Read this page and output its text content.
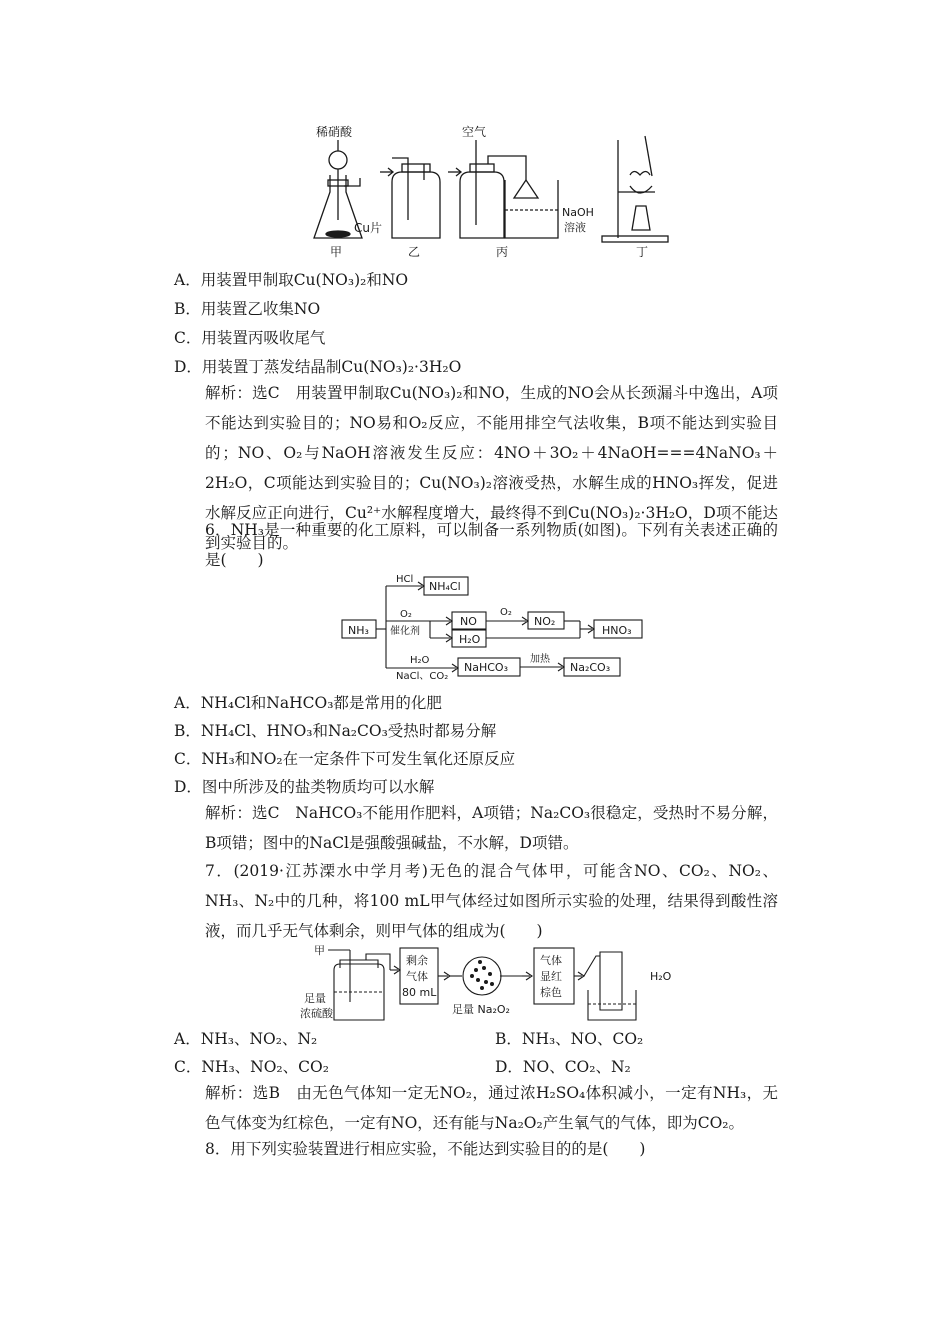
稀硝酸
Cu片
空气
NaOH
溶液
甲	乙	丙	丁
A．用装置甲制取Cu(NO₃)₂和NO
B．用装置乙收集NO
C．用装置丙吸收尾气
D．用装置丁蒸发结晶制Cu(NO₃)₂·3H₂O
解析：选C　用装置甲制取Cu(NO₃)₂和NO，生成的NO会从长颈漏斗中逸出，A项不能达到实验目的；NO易和O₂反应，不能用排空气法收集，B项不能达到实验目的；NO、O₂与NaOH溶液发生反应：4NO＋3O₂＋4NaOH===4NaNO₃＋2H₂O，C项能达到实验目的；Cu(NO₃)₂溶液受热，水解生成的HNO₃挥发，促进水解反应正向进行，Cu²⁺水解程度增大，最终得不到Cu(NO₃)₂·3H₂O，D项不能达到实验目的。
6．NH₃是一种重要的化工原料，可以制备一系列物质(如图)。下列有关表述正确的是(　　)
NH₃
HCl
NH₄Cl
O₂
催化剂
NO
H₂O
O₂
NO₂
HNO₃
H₂O
NaCl、CO₂
NaHCO₃
加热
Na₂CO₃
A．NH₄Cl和NaHCO₃都是常用的化肥
B．NH₄Cl、HNO₃和Na₂CO₃受热时都易分解
C．NH₃和NO₂在一定条件下可发生氧化还原反应
D．图中所涉及的盐类物质均可以水解
解析：选C　NaHCO₃不能用作肥料，A项错；Na₂CO₃很稳定，受热时不易分解，B项错；图中的NaCl是强酸强碱盐，不水解，D项错。
7．(2019·江苏溧水中学月考)无色的混合气体甲，可能含NO、CO₂、NO₂、NH₃、N₂中的几种，将100 mL甲气体经过如图所示实验的处理，结果得到酸性溶液，而几乎无气体剩余，则甲气体的组成为(　　)
甲
足量
浓硫酸
剩余
气体
80 mL
足量 Na₂O₂
气体
显红
棕色
H₂O
A．NH₃、NO₂、N₂	B．NH₃、NO、CO₂
C．NH₃、NO₂、CO₂	D．NO、CO₂、N₂
解析：选B　由无色气体知一定无NO₂，通过浓H₂SO₄体积减小，一定有NH₃，无色气体变为红棕色，一定有NO，还有能与Na₂O₂产生氧气的气体，即为CO₂。
8．用下列实验装置进行相应实验，不能达到实验目的的是(　　)
